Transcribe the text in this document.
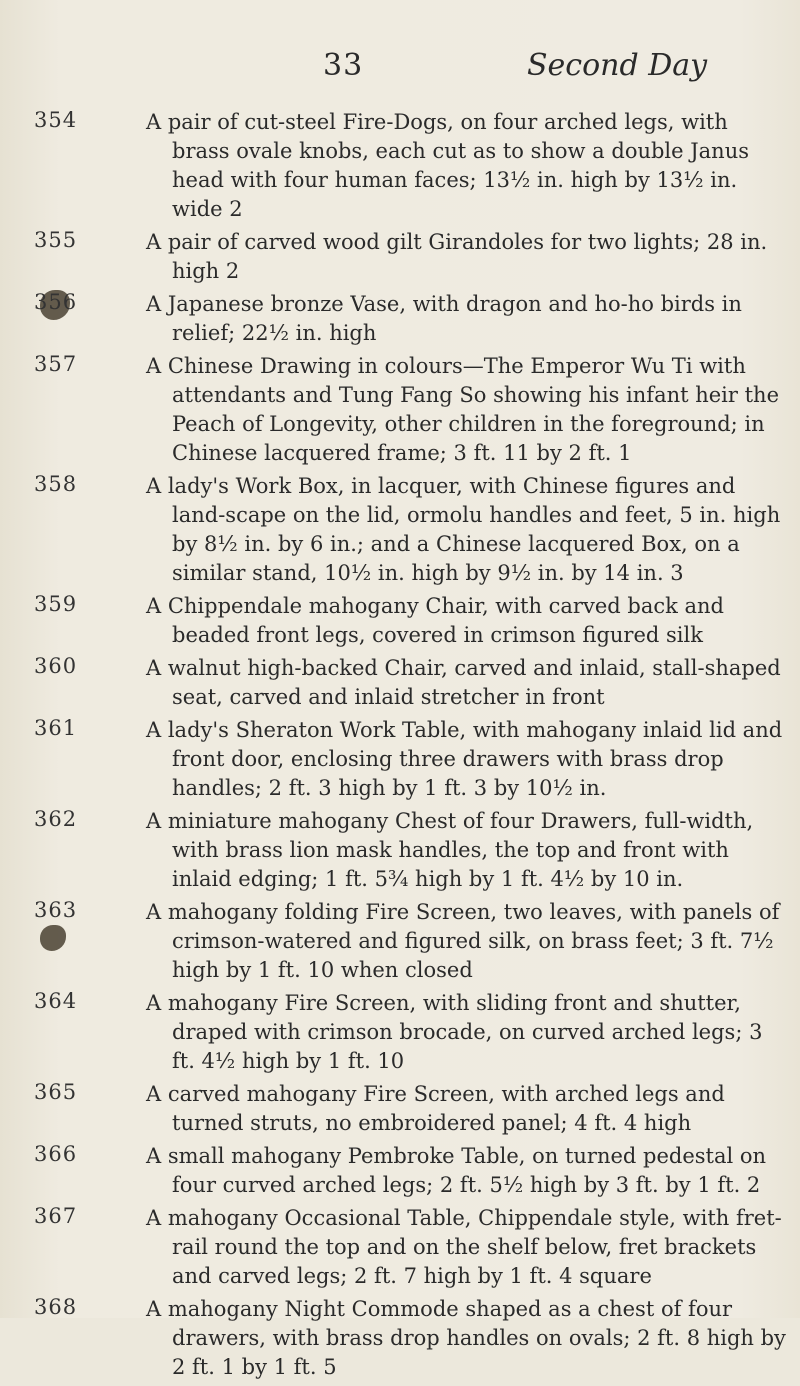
33	Second Day
354	A pair of cut-steel Fire-Dogs, on four arched legs, with brass ovale knobs, each cut as to show a double Janus head with four human faces; 13½ in. high by 13½ in. wide 2
355	A pair of carved wood gilt Girandoles for two lights; 28 in. high 2
356	A Japanese bronze Vase, with dragon and ho-ho birds in relief; 22½ in. high
357	A Chinese Drawing in colours—The Emperor Wu Ti with attendants and Tung Fang So showing his infant heir the Peach of Longevity, other children in the foreground; in Chinese lacquered frame; 3 ft. 11 by 2 ft. 1
358	A lady's Work Box, in lacquer, with Chinese figures and land-scape on the lid, ormolu handles and feet, 5 in. high by 8½ in. by 6 in.; and a Chinese lacquered Box, on a similar stand, 10½ in. high by 9½ in. by 14 in. 3
359	A Chippendale mahogany Chair, with carved back and beaded front legs, covered in crimson figured silk
360	A walnut high-backed Chair, carved and inlaid, stall-shaped seat, carved and inlaid stretcher in front
361	A lady's Sheraton Work Table, with mahogany inlaid lid and front door, enclosing three drawers with brass drop handles; 2 ft. 3 high by 1 ft. 3 by 10½ in.
362	A miniature mahogany Chest of four Drawers, full-width, with brass lion mask handles, the top and front with inlaid edging; 1 ft. 5¾ high by 1 ft. 4½ by 10 in.
363	A mahogany folding Fire Screen, two leaves, with panels of crimson-watered and figured silk, on brass feet; 3 ft. 7½ high by 1 ft. 10 when closed
364	A mahogany Fire Screen, with sliding front and shutter, draped with crimson brocade, on curved arched legs; 3 ft. 4½ high by 1 ft. 10
365	A carved mahogany Fire Screen, with arched legs and turned struts, no embroidered panel; 4 ft. 4 high
366	A small mahogany Pembroke Table, on turned pedestal on four curved arched legs; 2 ft. 5½ high by 3 ft. by 1 ft. 2
367	A mahogany Occasional Table, Chippendale style, with fret-rail round the top and on the shelf below, fret brackets and carved legs; 2 ft. 7 high by 1 ft. 4 square
368	A mahogany Night Commode shaped as a chest of four drawers, with brass drop handles on ovals; 2 ft. 8 high by 2 ft. 1 by 1 ft. 5
